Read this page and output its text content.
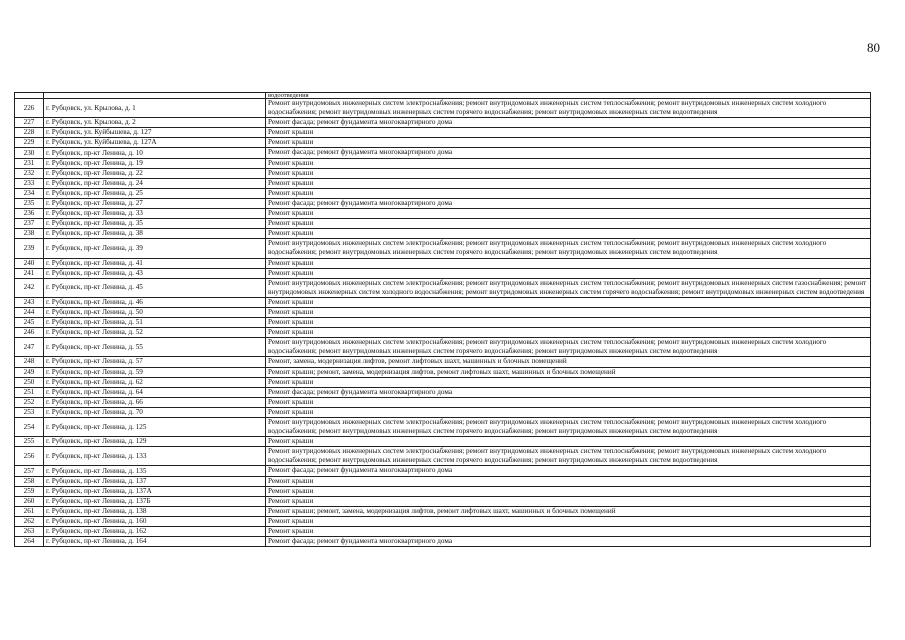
80
		водоотведения
226	г. Рубцовск, ул. Крылова, д. 1	Ремонт внутридомовых инженерных систем электроснабжения; ремонт внутридомовых инженерных систем теплоснабжения; ремонт внутридомовых инженерных систем холодного водоснабжения; ремонт внутридомовых инженерных систем горячего водоснабжения; ремонт внутридомовых инженерных систем водоотведения
227	г. Рубцовск, ул. Крылова, д. 2	Ремонт фасада; ремонт фундамента многоквартирного дома
228	г. Рубцовск, ул. Куйбышева, д. 127	Ремонт крыши
229	г. Рубцовск, ул. Куйбышева, д. 127А	Ремонт крыши
230	г. Рубцовск, пр-кт Ленина, д. 10	Ремонт фасада; ремонт фундамента многоквартирного дома
231	г. Рубцовск, пр-кт Ленина, д. 19	Ремонт крыши
232	г. Рубцовск, пр-кт Ленина, д. 22	Ремонт крыши
233	г. Рубцовск, пр-кт Ленина, д. 24	Ремонт крыши
234	г. Рубцовск, пр-кт Ленина, д. 25	Ремонт крыши
235	г. Рубцовск, пр-кт Ленина, д. 27	Ремонт фасада; ремонт фундамента многоквартирного дома
236	г. Рубцовск, пр-кт Ленина, д. 33	Ремонт крыши
237	г. Рубцовск, пр-кт Ленина, д. 35	Ремонт крыши
238	г. Рубцовск, пр-кт Ленина, д. 38	Ремонт крыши
239	г. Рубцовск, пр-кт Ленина, д. 39	Ремонт внутридомовых инженерных систем электроснабжения; ремонт внутридомовых инженерных систем теплоснабжения; ремонт внутридомовых инженерных систем холодного водоснабжения; ремонт внутридомовых инженерных систем горячего водоснабжения; ремонт внутридомовых инженерных систем водоотведения
240	г. Рубцовск, пр-кт Ленина, д. 41	Ремонт крыши
241	г. Рубцовск, пр-кт Ленина, д. 43	Ремонт крыши
242	г. Рубцовск, пр-кт Ленина, д. 45	Ремонт внутридомовых инженерных систем электроснабжения; ремонт внутридомовых инженерных систем теплоснабжения; ремонт внутридомовых инженерных систем газоснабжения; ремонт внутридомовых инженерных систем холодного водоснабжения; ремонт внутридомовых инженерных систем горячего водоснабжения; ремонт внутридомовых инженерных систем водоотведения
243	г. Рубцовск, пр-кт Ленина, д. 46	Ремонт крыши
244	г. Рубцовск, пр-кт Ленина, д. 50	Ремонт крыши
245	г. Рубцовск, пр-кт Ленина, д. 51	Ремонт крыши
246	г. Рубцовск, пр-кт Ленина, д. 52	Ремонт крыши
247	г. Рубцовск, пр-кт Ленина, д. 55	Ремонт внутридомовых инженерных систем электроснабжения; ремонт внутридомовых инженерных систем теплоснабжения; ремонт внутридомовых инженерных систем холодного водоснабжения; ремонт внутридомовых инженерных систем горячего водоснабжения; ремонт внутридомовых инженерных систем водоотведения
248	г. Рубцовск, пр-кт Ленина, д. 57	Ремонт, замена, модернизация лифтов, ремонт лифтовых шахт, машинных и блочных помещений
249	г. Рубцовск, пр-кт Ленина, д. 59	Ремонт крыши; ремонт, замена, модернизация лифтов, ремонт лифтовых шахт, машинных и блочных помещений
250	г. Рубцовск, пр-кт Ленина, д. 62	Ремонт крыши
251	г. Рубцовск, пр-кт Ленина, д. 64	Ремонт фасада; ремонт фундамента многоквартирного дома
252	г. Рубцовск, пр-кт Ленина, д. 66	Ремонт крыши
253	г. Рубцовск, пр-кт Ленина, д. 70	Ремонт крыши
254	г. Рубцовск, пр-кт Ленина, д. 125	Ремонт внутридомовых инженерных систем электроснабжения; ремонт внутридомовых инженерных систем теплоснабжения; ремонт внутридомовых инженерных систем холодного водоснабжения; ремонт внутридомовых инженерных систем горячего водоснабжения; ремонт внутридомовых инженерных систем водоотведения
255	г. Рубцовск, пр-кт Ленина, д. 129	Ремонт крыши
256	г. Рубцовск, пр-кт Ленина, д. 133	Ремонт внутридомовых инженерных систем электроснабжения; ремонт внутридомовых инженерных систем теплоснабжения; ремонт внутридомовых инженерных систем холодного водоснабжения; ремонт внутридомовых инженерных систем горячего водоснабжения; ремонт внутридомовых инженерных систем водоотведения
257	г. Рубцовск, пр-кт Ленина, д. 135	Ремонт фасада; ремонт фундамента многоквартирного дома
258	г. Рубцовск, пр-кт Ленина, д. 137	Ремонт крыши
259	г. Рубцовск, пр-кт Ленина, д. 137А	Ремонт крыши
260	г. Рубцовск, пр-кт Ленина, д. 137Б	Ремонт крыши
261	г. Рубцовск, пр-кт Ленина, д. 138	Ремонт крыши; ремонт, замена, модернизация лифтов, ремонт лифтовых шахт, машинных и блочных помещений
262	г. Рубцовск, пр-кт Ленина, д. 160	Ремонт крыши
263	г. Рубцовск, пр-кт Ленина, д. 162	Ремонт крыши
264	г. Рубцовск, пр-кт Ленина, д. 164	Ремонт фасада; ремонт фундамента многоквартирного дома
